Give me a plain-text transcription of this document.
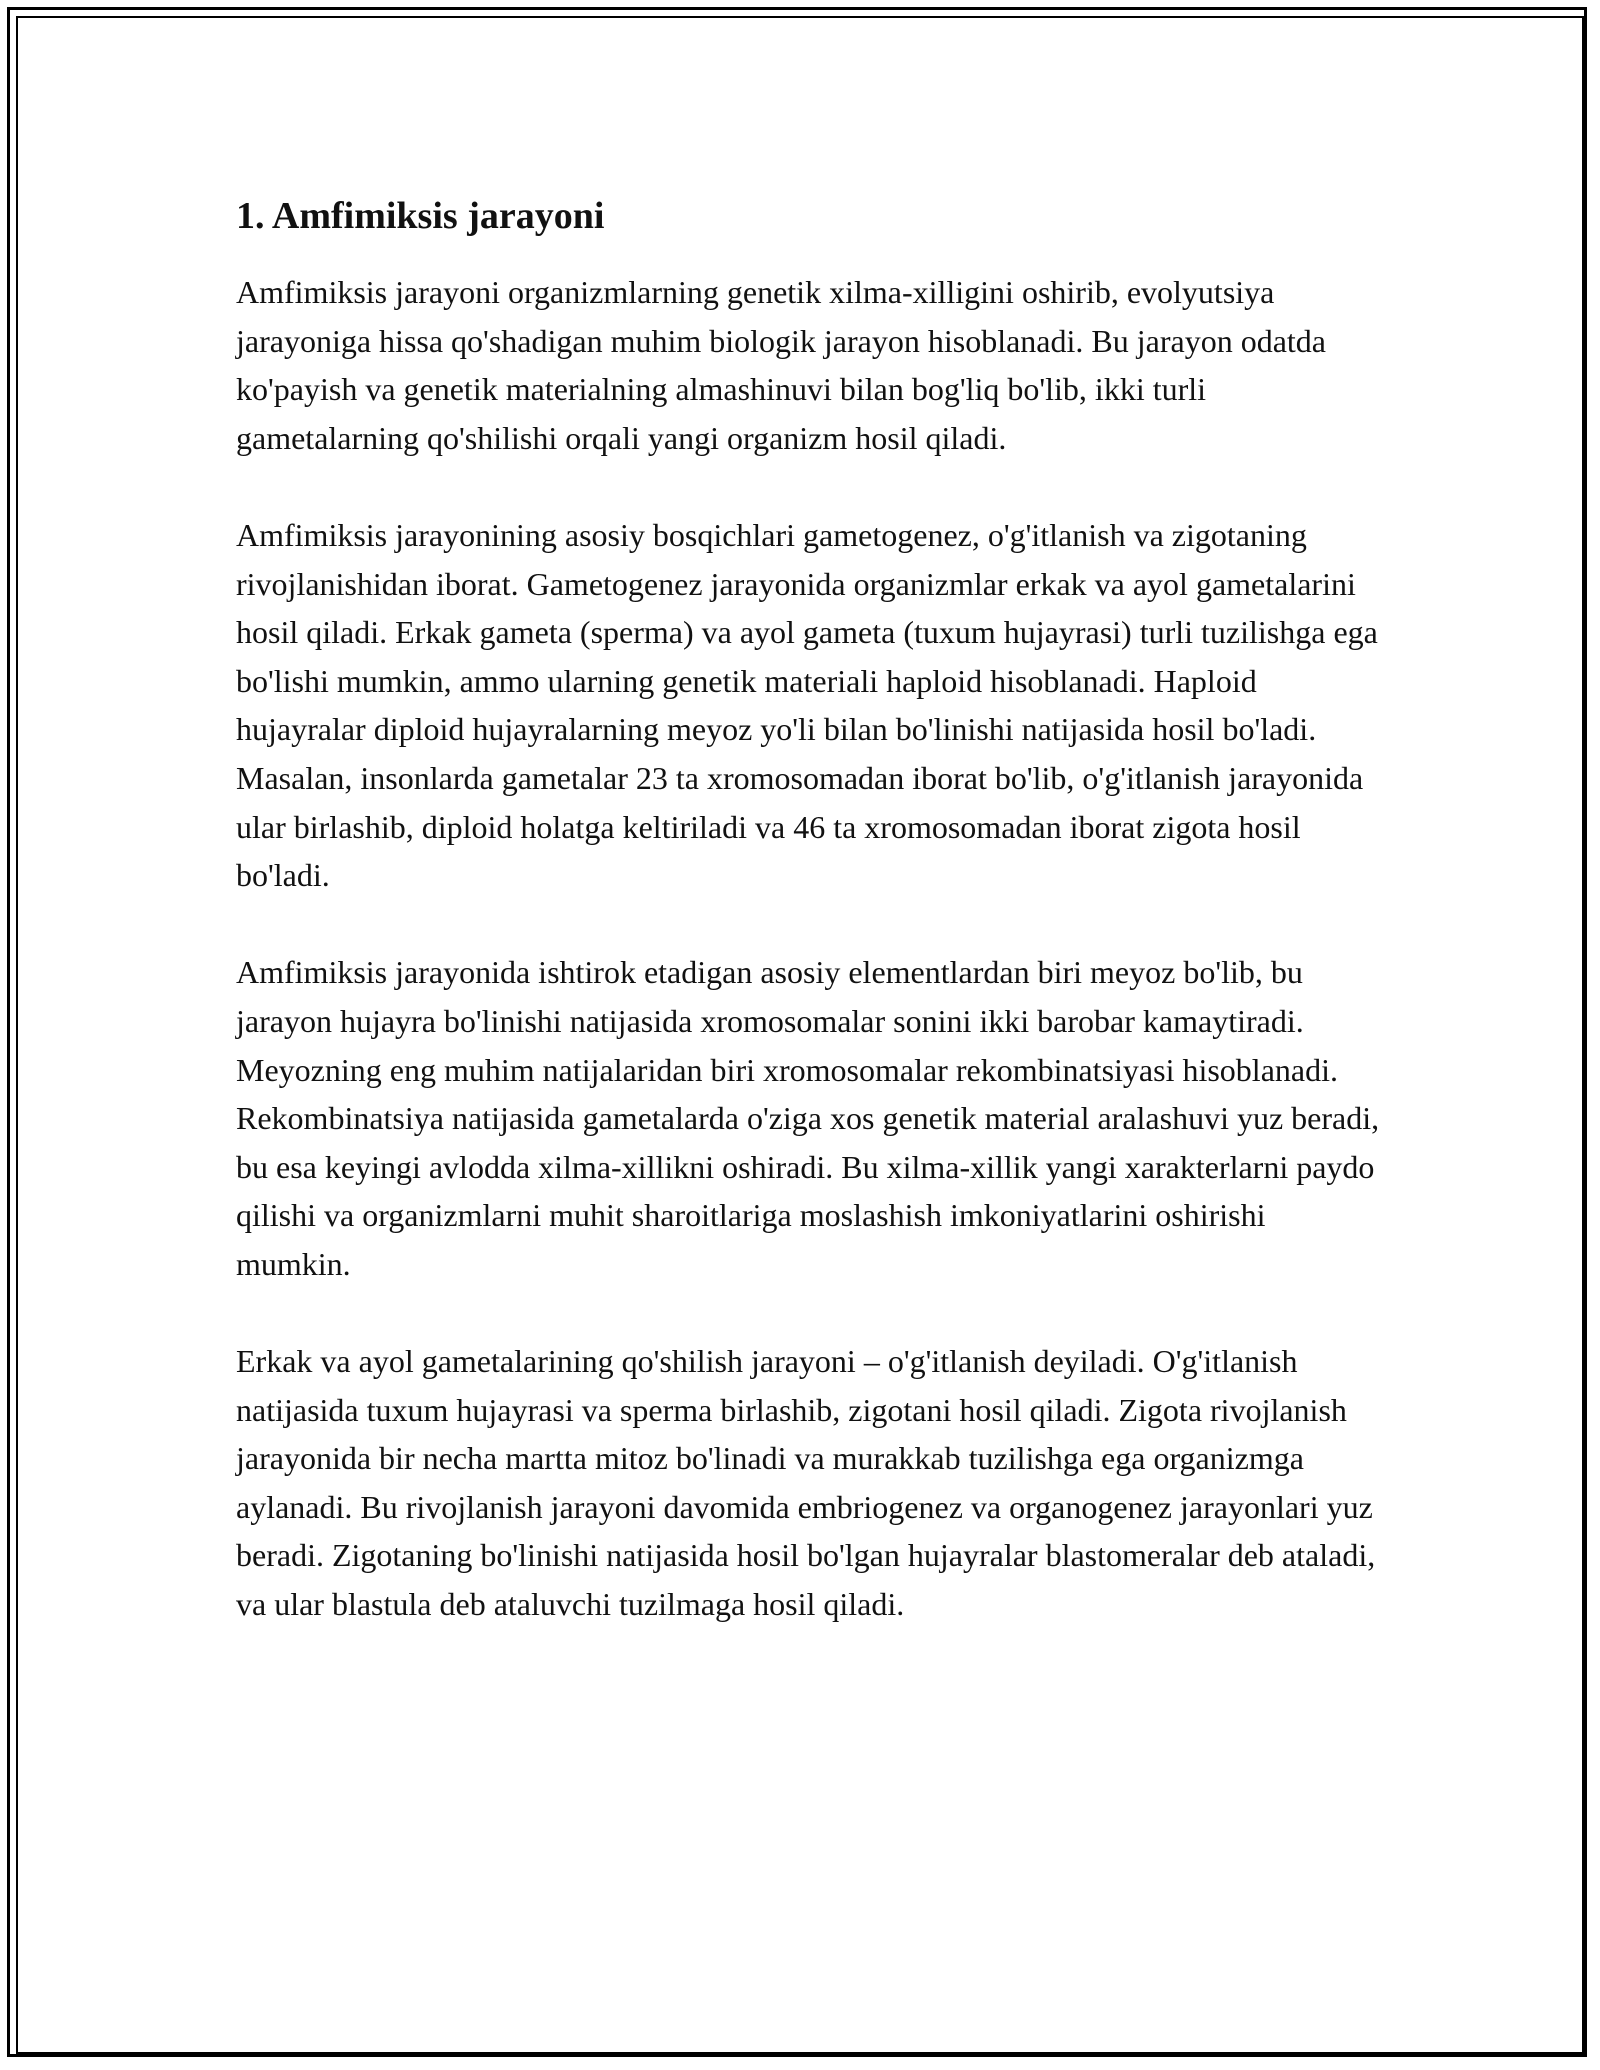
1. Amfimiksis jarayoni

Amfimiksis jarayoni organizmlarning genetik xilma-xilligini oshirib, evolyutsiya jarayoniga hissa qo'shadigan muhim biologik jarayon hisoblanadi. Bu jarayon odatda ko'payish va genetik materialning almashinuvi bilan bog'liq bo'lib, ikki turli gametalarning qo'shilishi orqali yangi organizm hosil qiladi.

Amfimiksis jarayonining asosiy bosqichlari gametogenez, o'g'itlanish va zigotaning rivojlanishidan iborat. Gametogenez jarayonida organizmlar erkak va ayol gametalarini hosil qiladi. Erkak gameta (sperma) va ayol gameta (tuxum hujayrasi) turli tuzilishga ega bo'lishi mumkin, ammo ularning genetik materiali haploid hisoblanadi. Haploid hujayralar diploid hujayralarning meyoz yo'li bilan bo'linishi natijasida hosil bo'ladi. Masalan, insonlarda gametalar 23 ta xromosomadan iborat bo'lib, o'g'itlanish jarayonida ular birlashib, diploid holatga keltiriladi va 46 ta xromosomadan iborat zigota hosil bo'ladi.

Amfimiksis jarayonida ishtirok etadigan asosiy elementlardan biri meyoz bo'lib, bu jarayon hujayra bo'linishi natijasida xromosomalar sonini ikki barobar kamaytiradi. Meyozning eng muhim natijalaridan biri xromosomalar rekombinatsiyasi hisoblanadi. Rekombinatsiya natijasida gametalarda o'ziga xos genetik material aralashuvi yuz beradi, bu esa keyingi avlodda xilma-xillikni oshiradi. Bu xilma-xillik yangi xarakterlarni paydo qilishi va organizmlarni muhit sharoitlariga moslashish imkoniyatlarini oshirishi mumkin.

Erkak va ayol gametalarining qo'shilish jarayoni – o'g'itlanish deyiladi. O'g'itlanish natijasida tuxum hujayrasi va sperma birlashib, zigotani hosil qiladi. Zigota rivojlanish jarayonida bir necha martta mitoz bo'linadi va murakkab tuzilishga ega organizmga aylanadi. Bu rivojlanish jarayoni davomida embriogenez va organogenez jarayonlari yuz beradi. Zigotaning bo'linishi natijasida hosil bo'lgan hujayralar blastomeralar deb ataladi, va ular blastula deb ataluvchi tuzilmaga hosil qiladi.
